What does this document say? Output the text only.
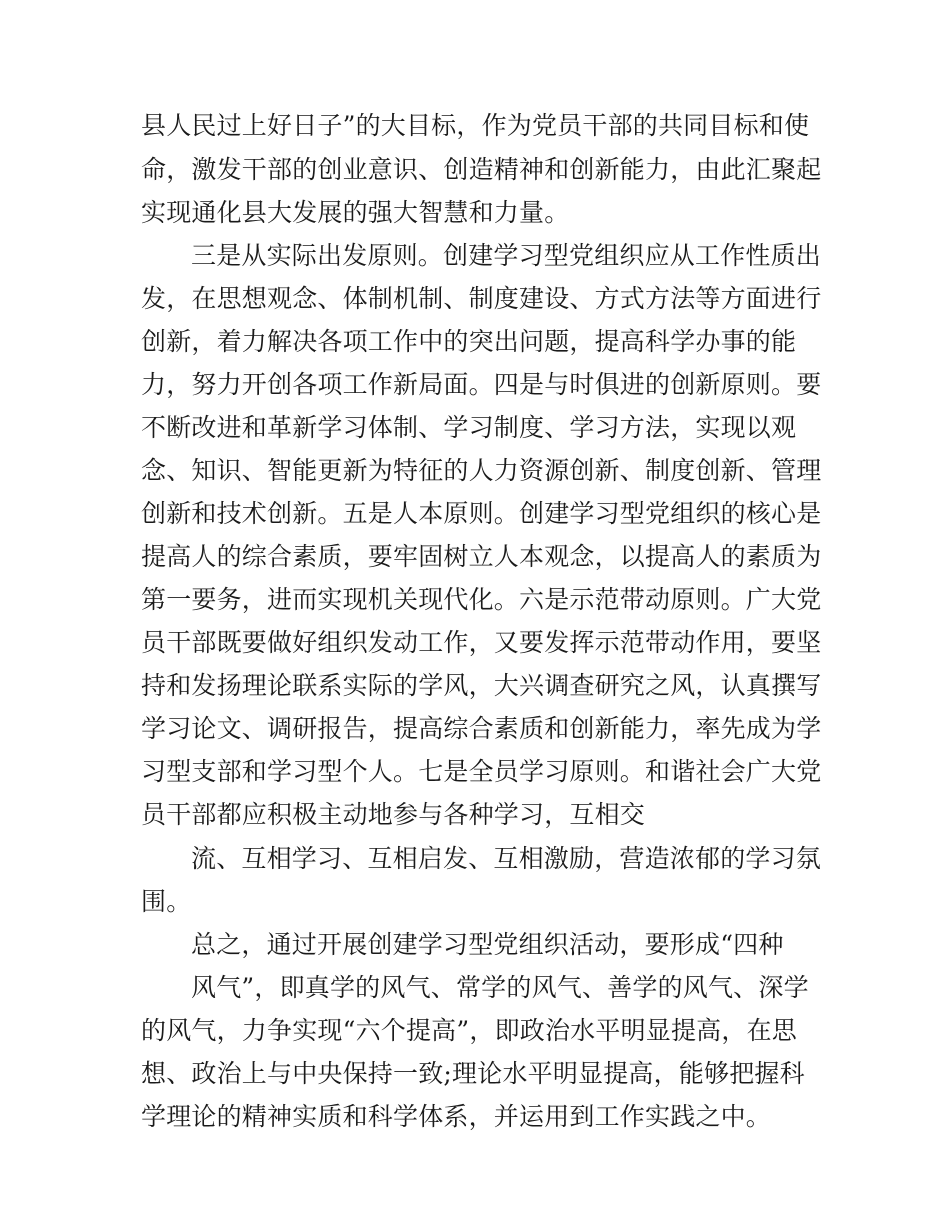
县人民过上好日子”的大目标，作为党员干部的共同目标和使
命，激发干部的创业意识、创造精神和创新能力，由此汇聚起
实现通化县大发展的强大智慧和力量。
三是从实际出发原则。创建学习型党组织应从工作性质出
发，在思想观念、体制机制、制度建设、方式方法等方面进行
创新，着力解决各项工作中的突出问题，提高科学办事的能
力，努力开创各项工作新局面。四是与时俱进的创新原则。要
不断改进和革新学习体制、学习制度、学习方法，实现以观
念、知识、智能更新为特征的人力资源创新、制度创新、管理
创新和技术创新。五是人本原则。创建学习型党组织的核心是
提高人的综合素质，要牢固树立人本观念，以提高人的素质为
第一要务，进而实现机关现代化。六是示范带动原则。广大党
员干部既要做好组织发动工作，又要发挥示范带动作用，要坚
持和发扬理论联系实际的学风，大兴调查研究之风，认真撰写
学习论文、调研报告，提高综合素质和创新能力，率先成为学
习型支部和学习型个人。七是全员学习原则。和谐社会广大党
员干部都应积极主动地参与各种学习，互相交
流、互相学习、互相启发、互相激励，营造浓郁的学习氛
围。
总之，通过开展创建学习型党组织活动，要形成“四种
风气”，即真学的风气、常学的风气、善学的风气、深学
的风气，力争实现“六个提高”，即政治水平明显提高，在思
想、政治上与中央保持一致;理论水平明显提高，能够把握科
学理论的精神实质和科学体系，并运用到工作实践之中。
